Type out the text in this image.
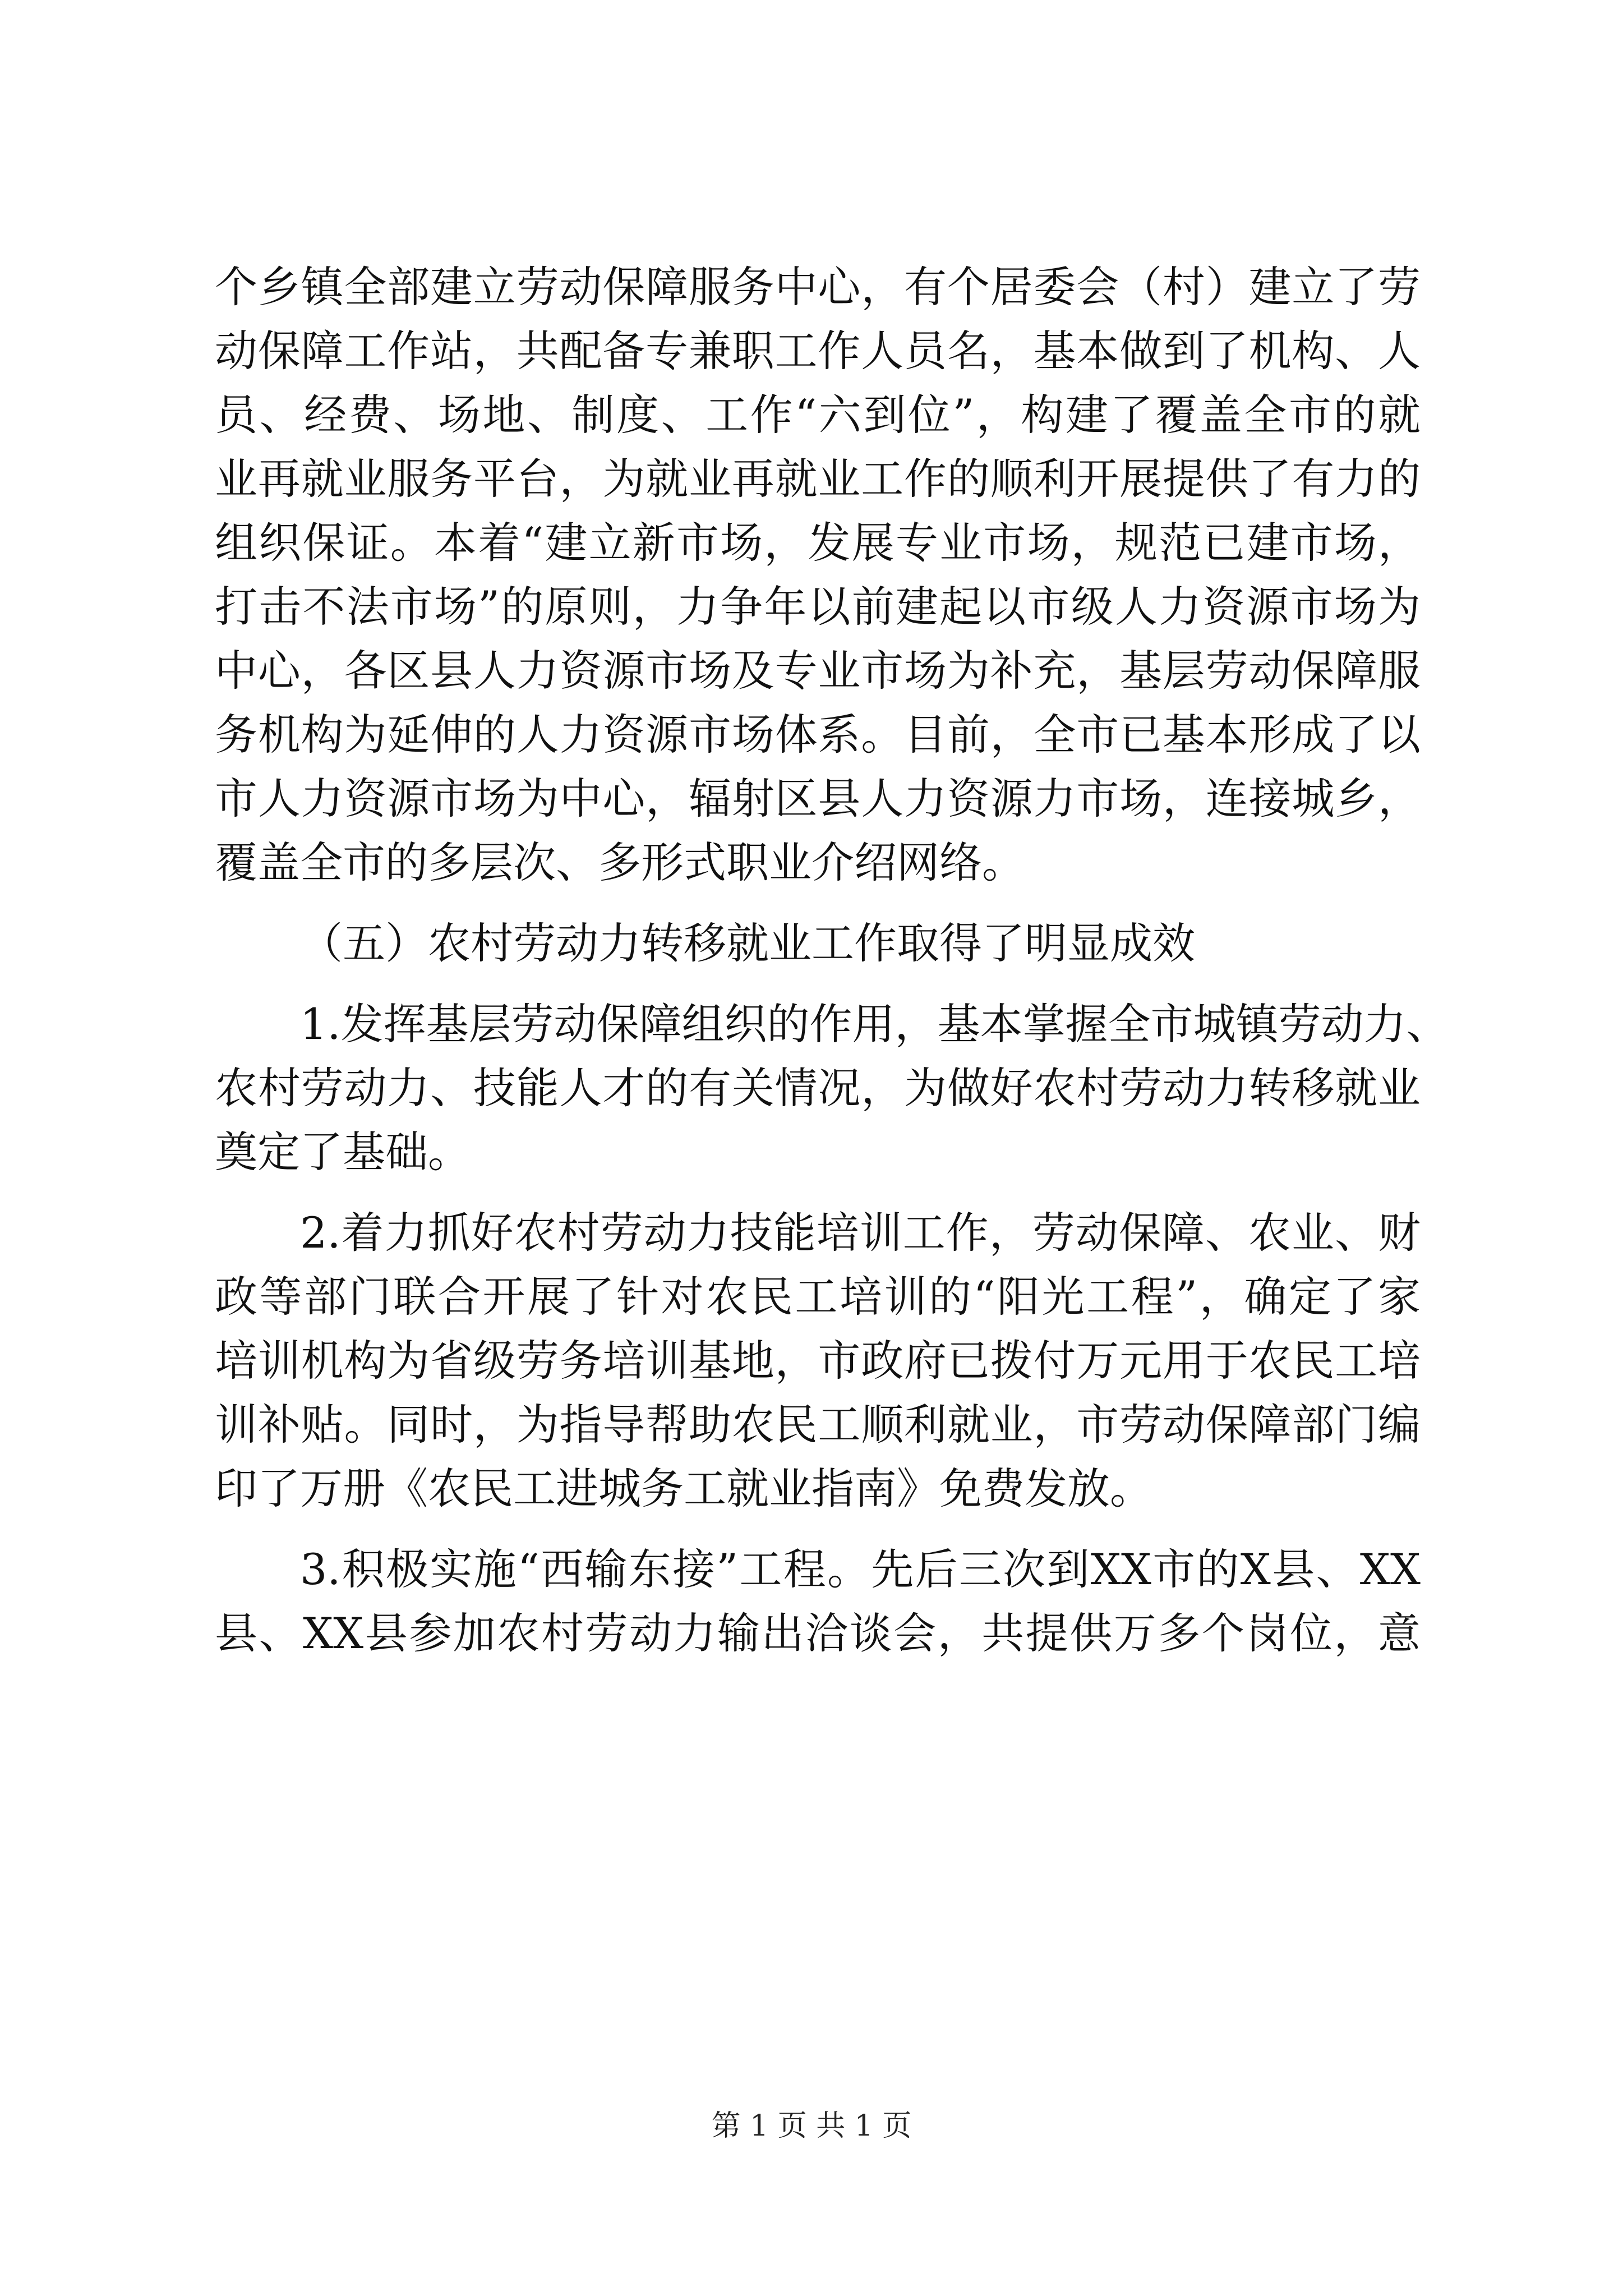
个乡镇全部建立劳动保障服务中心，有个居委会（村）建立了劳
动保障工作站，共配备专兼职工作人员名，基本做到了机构、人
员、经费、场地、制度、工作“六到位”，构建了覆盖全市的就
业再就业服务平台，为就业再就业工作的顺利开展提供了有力的
组织保证。本着“建立新市场，发展专业市场，规范已建市场，
打击不法市场”的原则，力争年以前建起以市级人力资源市场为
中心，各区县人力资源市场及专业市场为补充，基层劳动保障服
务机构为延伸的人力资源市场体系。目前，全市已基本形成了以
市人力资源市场为中心，辐射区县人力资源力市场，连接城乡，
覆盖全市的多层次、多形式职业介绍网络。
（五）农村劳动力转移就业工作取得了明显成效
1.发挥基层劳动保障组织的作用，基本掌握全市城镇劳动力、
农村劳动力、技能人才的有关情况，为做好农村劳动力转移就业
奠定了基础。
2.着力抓好农村劳动力技能培训工作，劳动保障、农业、财
政等部门联合开展了针对农民工培训的“阳光工程”，确定了家
培训机构为省级劳务培训基地，市政府已拨付万元用于农民工培
训补贴。同时，为指导帮助农民工顺利就业，市劳动保障部门编
印了万册《农民工进城务工就业指南》免费发放。
3.积极实施“西输东接”工程。先后三次到XX市的X县、XX
县、XX县参加农村劳动力输出洽谈会，共提供万多个岗位，意
第 1 页 共 1 页
